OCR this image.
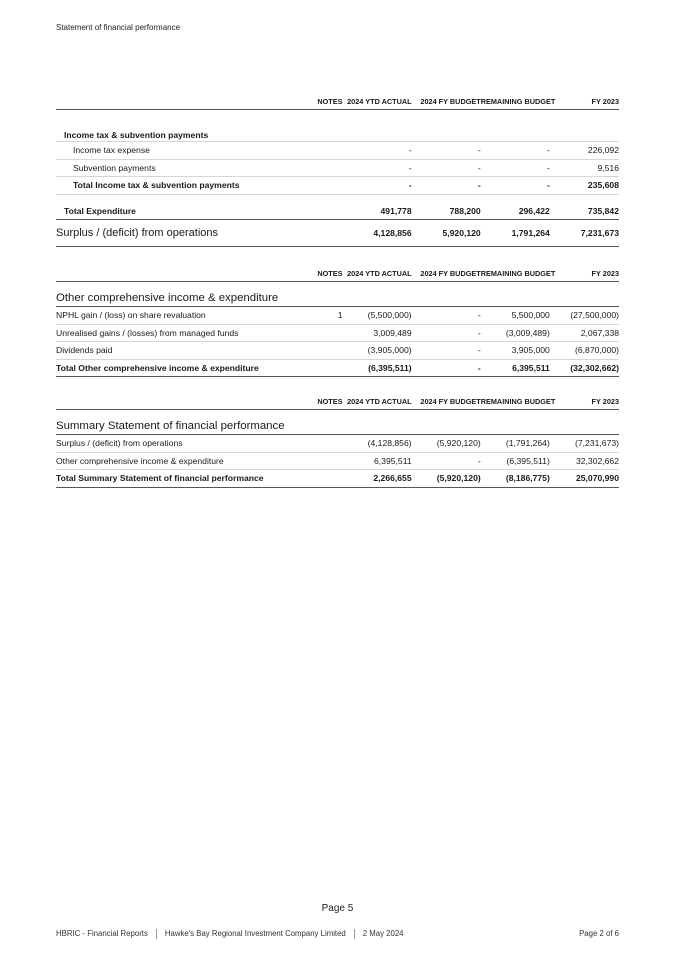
Statement of financial performance
	NOTES	2024 YTD ACTUAL	2024 FY BUDGET	REMAINING BUDGET	FY 2023

Income tax & subvention payments					
Income tax expense		-	-	-	226,092
Subvention payments		-	-	-	9,516
Total Income tax & subvention payments		-	-	-	235,608

Total Expenditure		491,778	788,200	296,422	735,842
Surplus / (deficit) from operations		4,128,856	5,920,120	1,791,264	7,231,673
	NOTES	2024 YTD ACTUAL	2024 FY BUDGET	REMAINING BUDGET	FY 2023
Other comprehensive income & expenditure					
NPHL gain / (loss) on share revaluation	1	(5,500,000)	-	5,500,000	(27,500,000)
Unrealised gains / (losses) from managed funds		3,009,489	-	(3,009,489)	2,067,338
Dividends paid		(3,905,000)	-	3,905,000	(6,870,000)
Total Other comprehensive income & expenditure		(6,395,511)	-	6,395,511	(32,302,662)
	NOTES	2024 YTD ACTUAL	2024 FY BUDGET	REMAINING BUDGET	FY 2023
Summary Statement of financial performance					
Surplus / (deficit) from operations		(4,128,856)	(5,920,120)	(1,791,264)	(7,231,673)
Other comprehensive income & expenditure		6,395,511	-	(6,395,511)	32,302,662
Total Summary Statement of financial performance		2,266,655	(5,920,120)	(8,186,775)	25,070,990
Page 5
HBRIC - Financial Reports Hawke's Bay Regional Investment Company Limited 2 May 2024	Page 2 of 6
